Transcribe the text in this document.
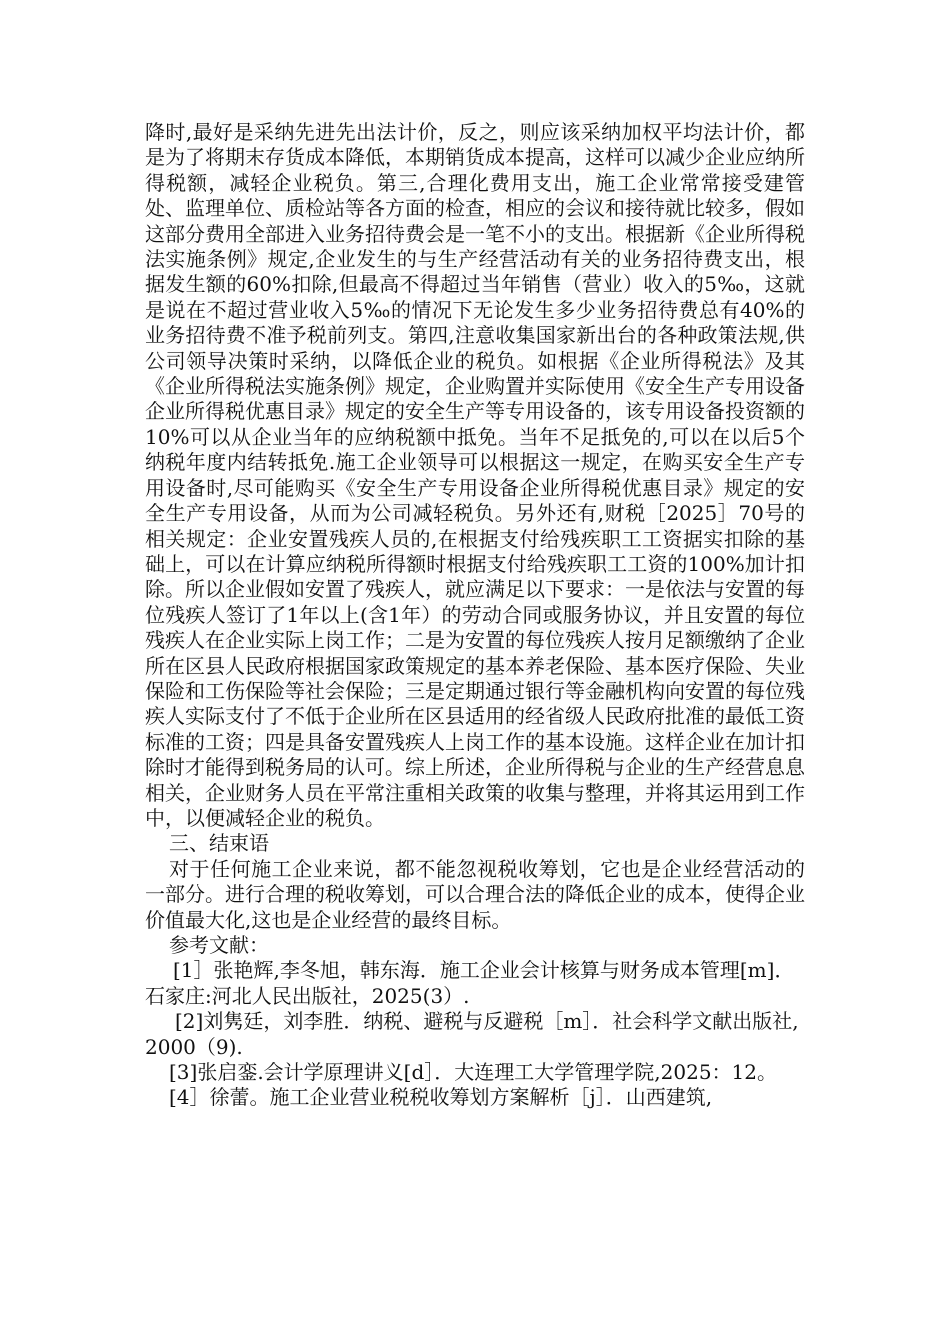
降时,最好是采纳先进先出法计价，反之，则应该采纳加权平均法计价，都是为了将期末存货成本降低，本期销货成本提高，这样可以减少企业应纳所得税额，减轻企业税负。第三,合理化费用支出，施工企业常常接受建管处、监理单位、质检站等各方面的检查，相应的会议和接待就比较多，假如这部分费用全部进入业务招待费会是一笔不小的支出。根据新《企业所得税法实施条例》规定,企业发生的与生产经营活动有关的业务招待费支出，根据发生额的60%扣除,但最高不得超过当年销售（营业）收入的5‰，这就是说在不超过营业收入5‰的情况下无论发生多少业务招待费总有40%的业务招待费不准予税前列支。第四,注意收集国家新出台的各种政策法规,供公司领导决策时采纳，以降低企业的税负。如根据《企业所得税法》及其《企业所得税法实施条例》规定，企业购置并实际使用《安全生产专用设备企业所得税优惠目录》规定的安全生产等专用设备的，该专用设备投资额的10%可以从企业当年的应纳税额中抵免。当年不足抵免的,可以在以后5个纳税年度内结转抵免.施工企业领导可以根据这一规定，在购买安全生产专用设备时,尽可能购买《安全生产专用设备企业所得税优惠目录》规定的安全生产专用设备，从而为公司减轻税负。另外还有,财税［2025］70号的相关规定：企业安置残疾人员的,在根据支付给残疾职工工资据实扣除的基础上，可以在计算应纳税所得额时根据支付给残疾职工工资的100%加计扣除。所以企业假如安置了残疾人，就应满足以下要求：一是依法与安置的每位残疾人签订了1年以上(含1年）的劳动合同或服务协议，并且安置的每位残疾人在企业实际上岗工作；二是为安置的每位残疾人按月足额缴纳了企业所在区县人民政府根据国家政策规定的基本养老保险、基本医疗保险、失业保险和工伤保险等社会保险；三是定期通过银行等金融机构向安置的每位残疾人实际支付了不低于企业所在区县适用的经省级人民政府批准的最低工资标准的工资；四是具备安置残疾人上岗工作的基本设施。这样企业在加计扣除时才能得到税务局的认可。综上所述，企业所得税与企业的生产经营息息相关，企业财务人员在平常注重相关政策的收集与整理，并将其运用到工作中，以便减轻企业的税负。

三、结束语

对于任何施工企业来说，都不能忽视税收筹划，它也是企业经营活动的一部分。进行合理的税收筹划，可以合理合法的降低企业的成本，使得企业价值最大化,这也是企业经营的最终目标。

参考文献：

[1］张艳辉,李冬旭，韩东海．施工企业会计核算与财务成本管理[m]．石家庄:河北人民出版社，2025(3）.

[2]刘隽廷，刘李胜．纳税、避税与反避税［m］．社会科学文献出版社,2000（9).

[3]张启銮.会计学原理讲义[d］．大连理工大学管理学院,2025：12。

[4］徐蕾。施工企业营业税税收筹划方案解析［j］．山西建筑,
